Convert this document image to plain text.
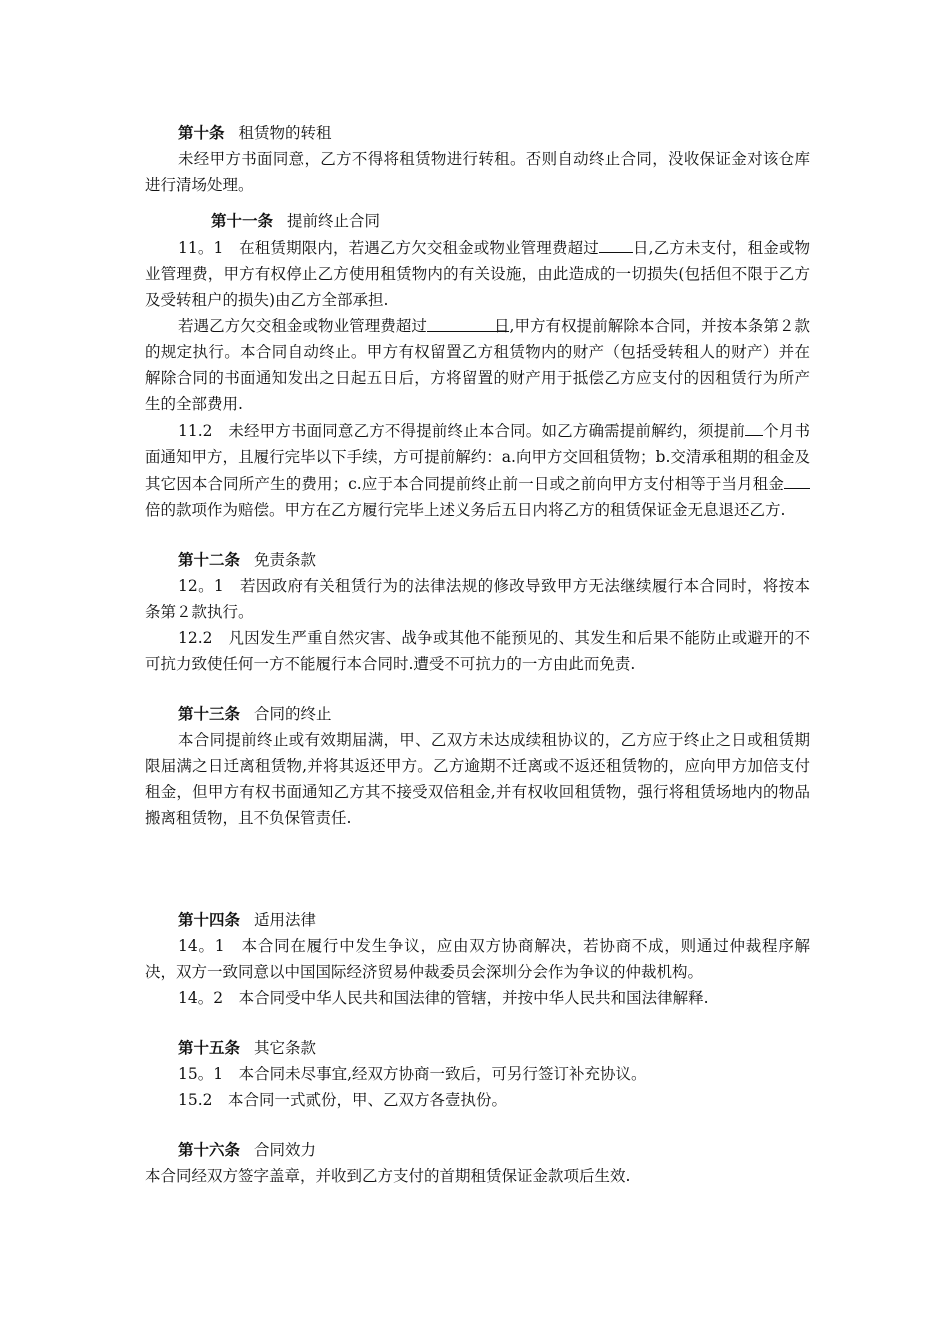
第十条 租赁物的转租

未经甲方书面同意，乙方不得将租赁物进行转租。否则自动终止合同，没收保证金对该仓库进行清场处理。

第十一条 提前终止合同

11。1　在租赁期限内，若遇乙方欠交租金或物业管理费超过 日,乙方未支付，租金或物业管理费，甲方有权停止乙方使用租赁物内的有关设施，由此造成的一切损失(包括但不限于乙方及受转租户的损失)由乙方全部承担.

若遇乙方欠交租金或物业管理费超过	日,甲方有权提前解除本合同，并按本条第２款的规定执行。本合同自动终止。甲方有权留置乙方租赁物内的财产（包括受转租人的财产）并在解除合同的书面通知发出之日起五日后，方将留置的财产用于抵偿乙方应支付的因租赁行为所产生的全部费用.

11.2　未经甲方书面同意乙方不得提前终止本合同。如乙方确需提前解约，须提前 个月书面通知甲方，且履行完毕以下手续，方可提前解约：a.向甲方交回租赁物；b.交清承租期的租金及其它因本合同所产生的费用；c.应于本合同提前终止前一日或之前向甲方支付相等于当月租金倍的款项作为赔偿。甲方在乙方履行完毕上述义务后五日内将乙方的租赁保证金无息退还乙方.

第十二条 免责条款

12。1　若因政府有关租赁行为的法律法规的修改导致甲方无法继续履行本合同时，将按本条第２款执行。

12.2　凡因发生严重自然灾害、战争或其他不能预见的、其发生和后果不能防止或避开的不可抗力致使任何一方不能履行本合同时.遭受不可抗力的一方由此而免责.

第十三条 合同的终止

本合同提前终止或有效期届满，甲、乙双方未达成续租协议的，乙方应于终止之日或租赁期限届满之日迁离租赁物,并将其返还甲方。乙方逾期不迁离或不返还租赁物的，应向甲方加倍支付租金，但甲方有权书面通知乙方其不接受双倍租金,并有权收回租赁物，强行将租赁场地内的物品搬离租赁物，且不负保管责任.

第十四条 适用法律

14。1　本合同在履行中发生争议，应由双方协商解决，若协商不成，则通过仲裁程序解决，双方一致同意以中国国际经济贸易仲裁委员会深圳分会作为争议的仲裁机构。

14。2　本合同受中华人民共和国法律的管辖，并按中华人民共和国法律解释.

第十五条 其它条款

15。1　本合同未尽事宜,经双方协商一致后，可另行签订补充协议。

15.2　本合同一式贰份，甲、乙双方各壹执份。

第十六条 合同效力

本合同经双方签字盖章，并收到乙方支付的首期租赁保证金款项后生效.
